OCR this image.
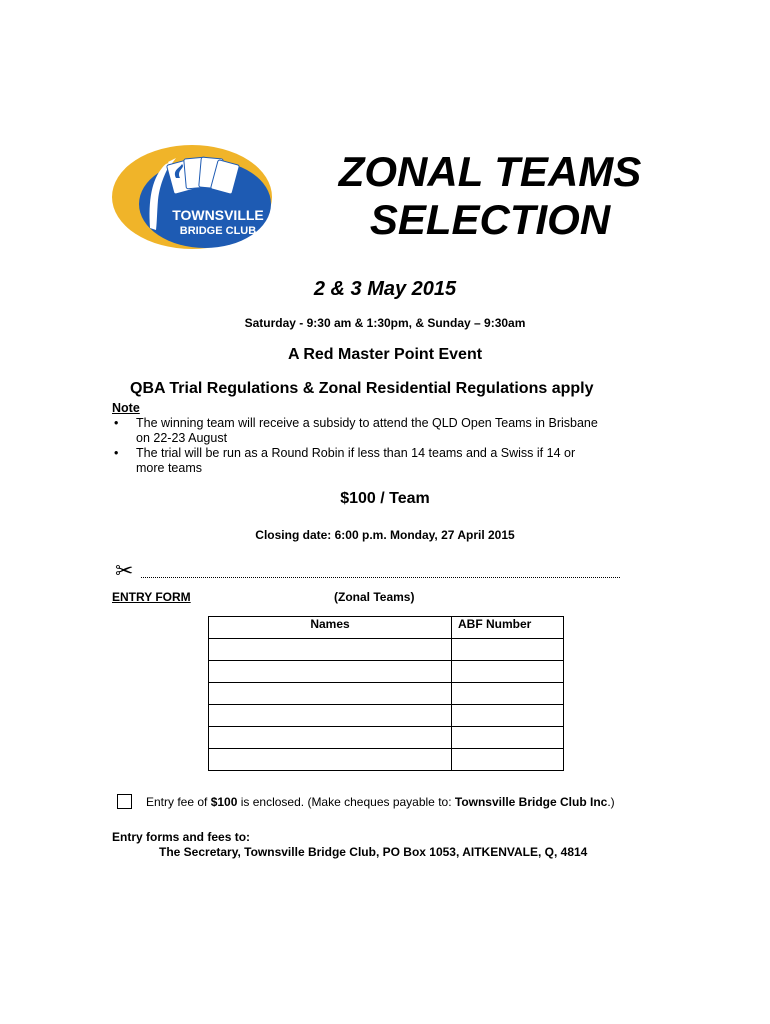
TOWNSVILLE
BRIDGE CLUB
ZONAL TEAMS
SELECTION
2 & 3 May 2015
Saturday - 9:30 am & 1:30pm, & Sunday – 9:30am
A Red Master Point Event
QBA Trial Regulations & Zonal Residential Regulations apply
Note
• The winning team will receive a subsidy to attend the QLD Open Teams in Brisbane
on 22-23 August
• The trial will be run as a Round Robin if less than 14 teams and a Swiss if 14 or
more teams
$100 / Team
Closing date: 6:00 p.m. Monday, 27 April 2015
✂
ENTRY FORM	(Zonal Teams)
Names	ABF Number

Entry fee of $100 is enclosed. (Make cheques payable to: Townsville Bridge Club Inc.)
Entry forms and fees to:
The Secretary, Townsville Bridge Club, PO Box 1053, AITKENVALE, Q, 4814
